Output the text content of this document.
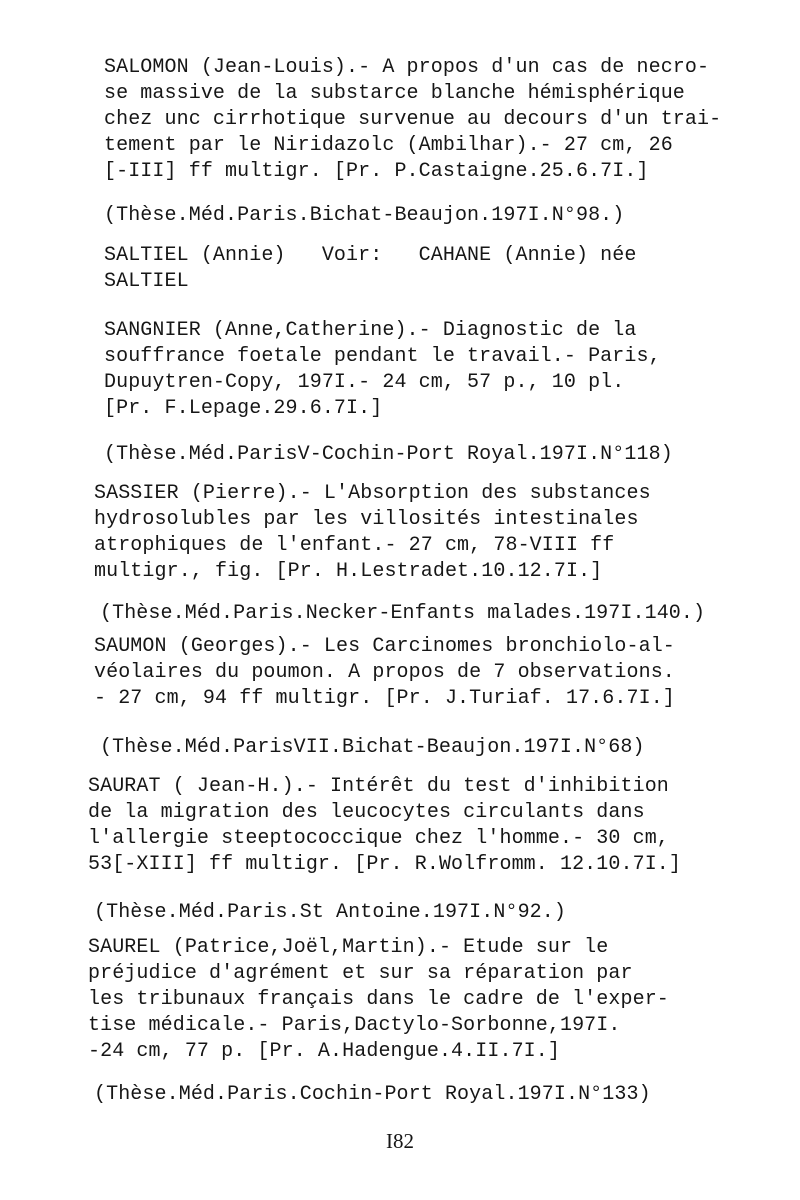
SALOMON (Jean-Louis).- A propos d'un cas de necro-
se massive de la substarce blanche hémisphérique
chez unc cirrhotique survenue au decours d'un trai-
tement par le Niridazolc (Ambilhar).- 27 cm, 26
[-III] ff multigr. [Pr. P.Castaigne.25.6.7I.]
(Thèse.Méd.Paris.Bichat-Beaujon.197I.N°98.)
SALTIEL (Annie)   Voir:   CAHANE (Annie) née
SALTIEL
SANGNIER (Anne,Catherine).- Diagnostic de la
souffrance foetale pendant le travail.- Paris,
Dupuytren-Copy, 197I.- 24 cm, 57 p., 10 pl.
[Pr. F.Lepage.29.6.7I.]
(Thèse.Méd.ParisV-Cochin-Port Royal.197I.N°118)
SASSIER (Pierre).- L'Absorption des substances
hydrosolubles par les villosités intestinales
atrophiques de l'enfant.- 27 cm, 78-VIII ff
multigr., fig. [Pr. H.Lestradet.10.12.7I.]
(Thèse.Méd.Paris.Necker-Enfants malades.197I.140.)
SAUMON (Georges).- Les Carcinomes bronchiolo-al-
véolaires du poumon. A propos de 7 observations.
- 27 cm, 94 ff multigr. [Pr. J.Turiaf. 17.6.7I.]
(Thèse.Méd.ParisVII.Bichat-Beaujon.197I.N°68)
SAURAT ( Jean-H.).- Intérêt du test d'inhibition
de la migration des leucocytes circulants dans
l'allergie steeptococcique chez l'homme.- 30 cm,
53[-XIII] ff multigr. [Pr. R.Wolfromm. 12.10.7I.]
(Thèse.Méd.Paris.St Antoine.197I.N°92.)
SAUREL (Patrice,Joël,Martin).- Etude sur le
préjudice d'agrément et sur sa réparation par
les tribunaux français dans le cadre de l'exper-
tise médicale.- Paris,Dactylo-Sorbonne,197I.
-24 cm, 77 p. [Pr. A.Hadengue.4.II.7I.]
(Thèse.Méd.Paris.Cochin-Port Royal.197I.N°133)
I82
